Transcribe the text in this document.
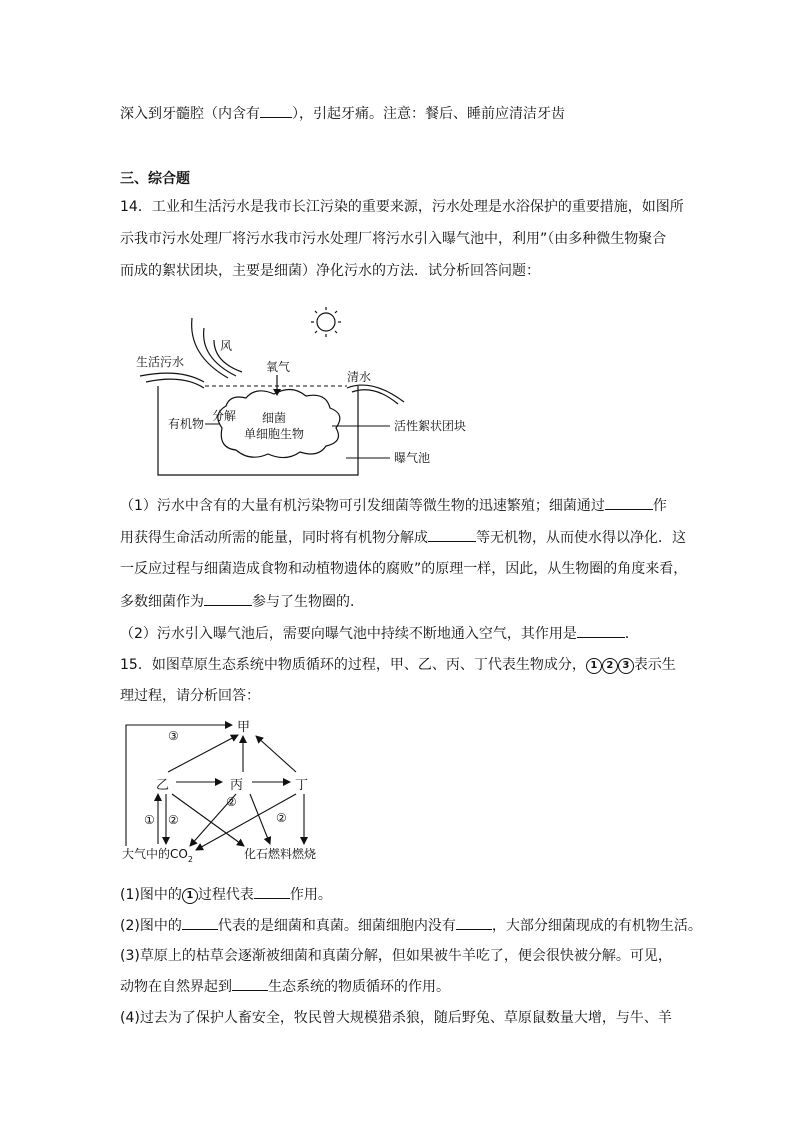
深入到牙髓腔（内含有 ），引起牙痛。注意：餐后、睡前应清洁牙齿
三、综合题
14．工业和生活污水是我市长江污染的重要来源，污水处理是水浴保护的重要措施，如图所
示我市污水处理厂将污水我市污水处理厂将污水引入曝气池中，利用”（由多种微生物聚合
而成的絮状团块，主要是细菌）净化污水的方法．试分析回答问题：
风
生活污水
清水
氧气
细菌
单细胞生物
有机物
分解
活性絮状团块
曝气池
（1）污水中含有的大量有机污染物可引发细菌等微生物的迅速繁殖；细菌通过	作
用获得生命活动所需的能量，同时将有机物分解成	等无机物，从而使水得以净化．这
一反应过程与细菌造成食物和动植物遗体的腐败”的原理一样，因此，从生物圈的角度来看，
多数细菌作为	参与了生物圈的．
（2）污水引入曝气池后，需要向曝气池中持续不断地通入空气，其作用是	．
15．如图草原生态系统中物质循环的过程，甲、乙、丙、丁代表生物成分， 1 2 3 表示生
理过程，请分析回答：
甲
乙	丙	丁
③
②
① ②	②
大气中的$CO_2$	化石燃料燃烧
(1)图中的 1 过程代表	作用。
(2)图中的	代表的是细菌和真菌。细菌细胞内没有	，大部分细菌现成的有机物生活。
(3)草原上的枯草会逐渐被细菌和真菌分解，但如果被牛羊吃了，便会很快被分解。可见，
动物在自然界起到	生态系统的物质循环的作用。
(4)过去为了保护人畜安全，牧民曾大规模猎杀狼，随后野兔、草原鼠数量大增，与牛、羊
